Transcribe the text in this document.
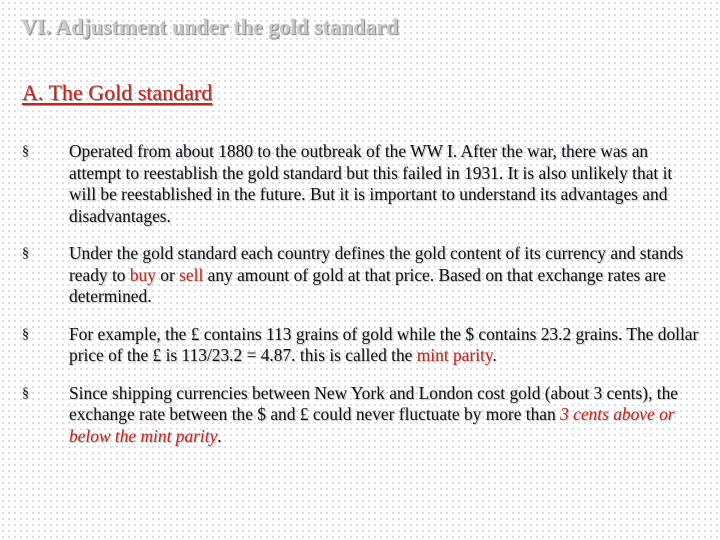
VI. Adjustment under the gold standard
A. The Gold standard
§ Operated from about 1880 to the outbreak of the WW I. After the war, there was an attempt to reestablish the gold standard but this failed in 1931. It is also unlikely that it will be reestablished in the future. But it is important to understand its advantages and disadvantages.
§ Under the gold standard each country defines the gold content of its currency and stands ready to buy or sell any amount of gold at that price. Based on that exchange rates are determined.
§ For example, the £ contains 113 grains of gold while the $ contains 23.2 grains. The dollar price of the £ is 113/23.2 = 4.87. this is called the mint parity.
§ Since shipping currencies between New York and London cost gold (about 3 cents), the exchange rate between the $ and £ could never fluctuate by more than 3 cents above or below the mint parity.
